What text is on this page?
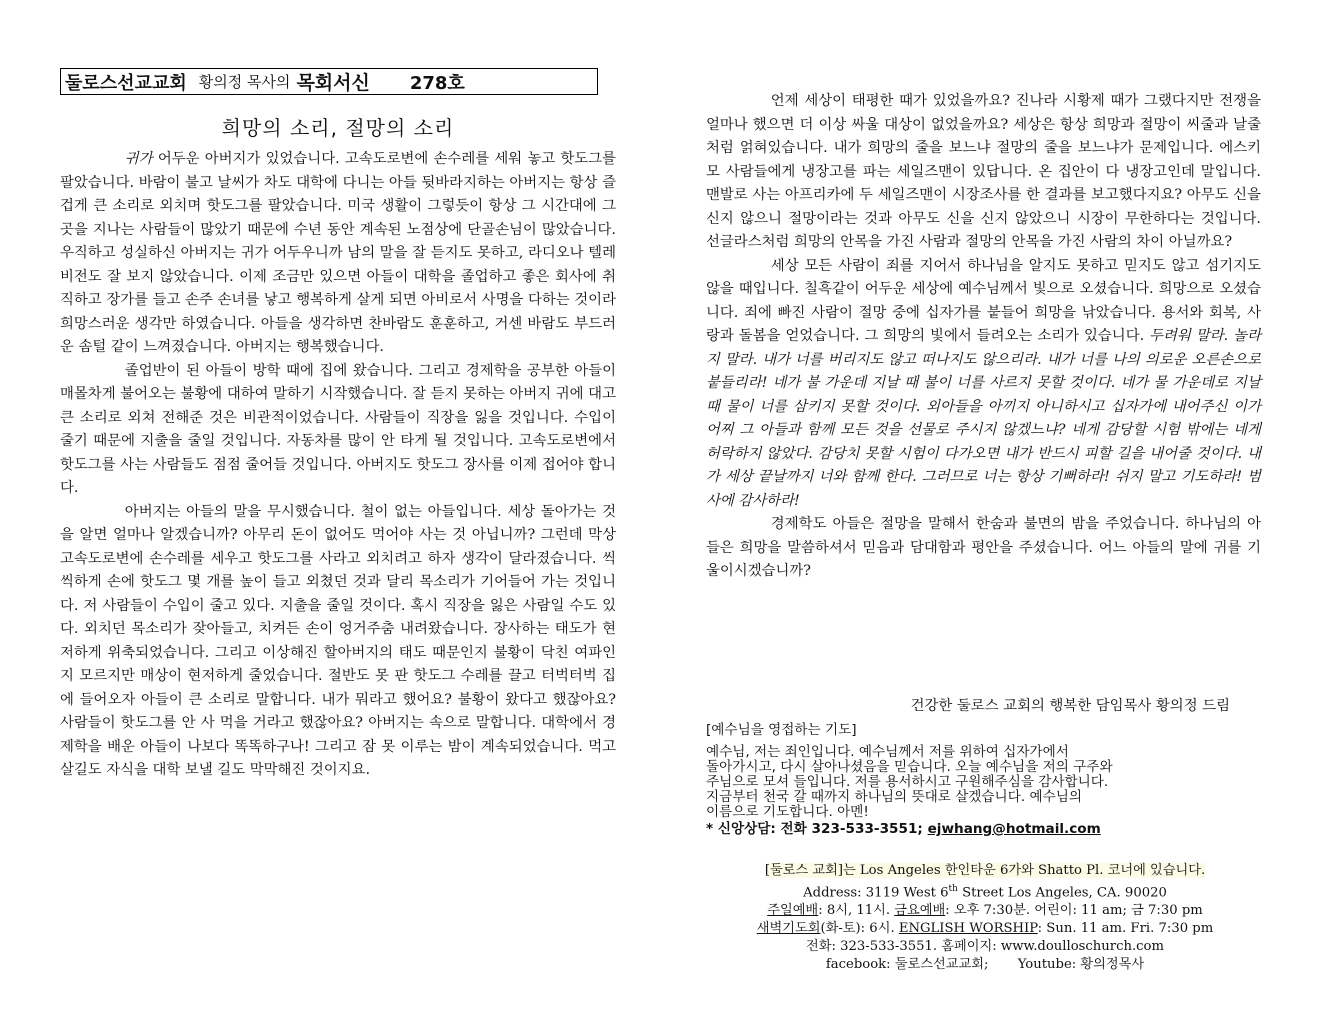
둘로스선교교회 황의정 목사의 목회서신 278호
희망의 소리, 절망의 소리

귀가 어두운 아버지가 있었습니다. 고속도로변에 손수레를 세워 놓고 핫도그를 팔았습니다. 바람이 불고 날씨가 차도 대학에 다니는 아들 뒷바라지하는 아버지는 항상 즐겁게 큰 소리로 외치며 핫도그를 팔았습니다. 미국 생활이 그렇듯이 항상 그 시간대에 그곳을 지나는 사람들이 많았기 때문에 수년 동안 계속된 노점상에 단골손님이 많았습니다. 우직하고 성실하신 아버지는 귀가 어두우니까 남의 말을 잘 듣지도 못하고, 라디오나 텔레비전도 잘 보지 않았습니다. 이제 조금만 있으면 아들이 대학을 졸업하고 좋은 회사에 취직하고 장가를 들고 손주 손녀를 낳고 행복하게 살게 되면 아비로서 사명을 다하는 것이라 희망스러운 생각만 하였습니다. 아들을 생각하면 찬바람도 훈훈하고, 거센 바람도 부드러운 솜털 같이 느껴졌습니다. 아버지는 행복했습니다.

졸업반이 된 아들이 방학 때에 집에 왔습니다. 그리고 경제학을 공부한 아들이 매몰차게 불어오는 불황에 대하여 말하기 시작했습니다. 잘 듣지 못하는 아버지 귀에 대고 큰 소리로 외쳐 전해준 것은 비관적이었습니다. 사람들이 직장을 잃을 것입니다. 수입이 줄기 때문에 지출을 줄일 것입니다. 자동차를 많이 안 타게 될 것입니다. 고속도로변에서 핫도그를 사는 사람들도 점점 줄어들 것입니다. 아버지도 핫도그 장사를 이제 접어야 합니다.

아버지는 아들의 말을 무시했습니다. 철이 없는 아들입니다. 세상 돌아가는 것을 알면 얼마나 알겠습니까? 아무리 돈이 없어도 먹어야 사는 것 아닙니까? 그런데 막상 고속도로변에 손수레를 세우고 핫도그를 사라고 외치려고 하자 생각이 달라졌습니다. 씩씩하게 손에 핫도그 몇 개를 높이 들고 외쳤던 것과 달리 목소리가 기어들어 가는 것입니다. 저 사람들이 수입이 줄고 있다. 지출을 줄일 것이다. 혹시 직장을 잃은 사람일 수도 있다. 외치던 목소리가 잦아들고, 치켜든 손이 엉거주춤 내려왔습니다. 장사하는 태도가 현저하게 위축되었습니다. 그리고 이상해진 할아버지의 태도 때문인지 불황이 닥친 여파인지 모르지만 매상이 현저하게 줄었습니다. 절반도 못 판 핫도그 수레를 끌고 터벅터벅 집에 들어오자 아들이 큰 소리로 말합니다. 내가 뭐라고 했어요? 불황이 왔다고 했잖아요? 사람들이 핫도그를 안 사 먹을 거라고 했잖아요? 아버지는 속으로 말합니다. 대학에서 경제학을 배운 아들이 나보다 똑똑하구나! 그리고 잠 못 이루는 밤이 계속되었습니다. 먹고 살길도 자식을 대학 보낼 길도 막막해진 것이지요.

언제 세상이 태평한 때가 있었을까요? 진나라 시황제 때가 그랬다지만 전쟁을 얼마나 했으면 더 이상 싸울 대상이 없었을까요? 세상은 항상 희망과 절망이 씨줄과 날줄처럼 얽혀있습니다. 내가 희망의 줄을 보느냐 절망의 줄을 보느냐가 문제입니다. 에스키모 사람들에게 냉장고를 파는 세일즈맨이 있답니다. 온 집안이 다 냉장고인데 말입니다. 맨발로 사는 아프리카에 두 세일즈맨이 시장조사를 한 결과를 보고했다지요? 아무도 신을 신지 않으니 절망이라는 것과 아무도 신을 신지 않았으니 시장이 무한하다는 것입니다. 선글라스처럼 희망의 안목을 가진 사람과 절망의 안목을 가진 사람의 차이 아닐까요?

세상 모든 사람이 죄를 지어서 하나님을 알지도 못하고 믿지도 않고 섬기지도 않을 때입니다. 칠흑같이 어두운 세상에 예수님께서 빛으로 오셨습니다. 희망으로 오셨습니다. 죄에 빠진 사람이 절망 중에 십자가를 붙들어 희망을 낚았습니다. 용서와 회복, 사랑과 돌봄을 얻었습니다. 그 희망의 빛에서 들려오는 소리가 있습니다. 두려워 말라. 놀라지 말라. 내가 너를 버리지도 않고 떠나지도 않으리라. 내가 너를 나의 의로운 오른손으로 붙들리라! 네가 불 가운데 지날 때 불이 너를 사르지 못할 것이다. 네가 물 가운데로 지날 때 물이 너를 삼키지 못할 것이다. 외아들을 아끼지 아니하시고 십자가에 내어주신 이가 어찌 그 아들과 함께 모든 것을 선물로 주시지 않겠느냐? 네게 감당할 시험 밖에는 네게 허락하지 않았다. 감당치 못할 시험이 다가오면 내가 반드시 피할 길을 내어줄 것이다. 내가 세상 끝날까지 너와 함께 한다. 그러므로 너는 항상 기뻐하라! 쉬지 말고 기도하라! 범사에 감사하라!

경제학도 아들은 절망을 말해서 한숨과 불면의 밤을 주었습니다. 하나님의 아들은 희망을 말씀하셔서 믿음과 담대함과 평안을 주셨습니다. 어느 아들의 말에 귀를 기울이시겠습니까?

건강한 둘로스 교회의 행복한 담임목사 황의정 드림
[예수님을 영접하는 기도]
예수님, 저는 죄인입니다. 예수님께서 저를 위하여 십자가에서
돌아가시고, 다시 살아나셨음을 믿습니다. 오늘 예수님을 저의 구주와
주님으로 모셔 들입니다. 저를 용서하시고 구원해주심을 감사합니다.
지금부터 천국 갈 때까지 하나님의 뜻대로 살겠습니다. 예수님의
이름으로 기도합니다. 아멘!
* 신앙상담: 전화 323-533-3551; ejwhang@hotmail.com
[둘로스 교회]는 Los Angeles 한인타운 6가와 Shatto Pl. 코너에 있습니다.
Address: 3119 West 6th Street Los Angeles, CA. 90020
주일예배: 8시, 11시. 금요예배: 오후 7:30분. 어린이: 11 am; 금 7:30 pm
새벽기도회(화-토): 6시. ENGLISH WORSHIP: Sun. 11 am. Fri. 7:30 pm
전화: 323-533-3551. 홈페이지: www.doulloschurch.com
facebook: 둘로스선교교회;       Youtube: 황의정목사
